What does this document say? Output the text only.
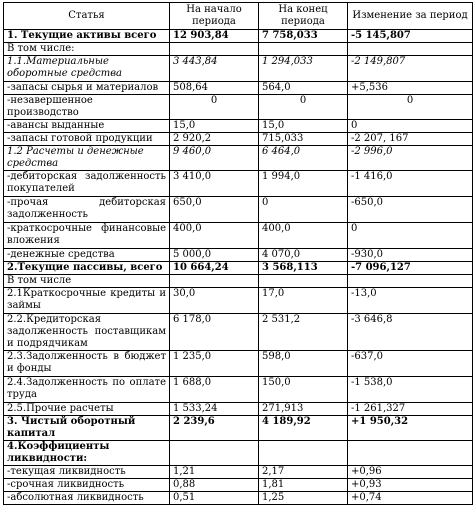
Статья	На начало периода	На конец периода	Изменение за период
1. Текущие активы всего	12 903,84	7 758,033	-5 145,807
В том числе:			
1.1.Материальные оборотные средства	3 443,84	1 294,033	-2 149,807
-запасы сырья и материалов	508,64	564,0	+5,536
-незавершенное производство	0	0	0
-авансы выданные	15,0	15,0	0
-запасы готовой продукции	2 920,2	715,033	-2 207, 167
1.2 Расчеты и денежные средства	9 460,0	6 464,0	-2 996,0
-дебиторская задолженность покупателей	3 410,0	1 994,0	-1 416,0
-прочая дебиторская задолженность	650,0	0	-650,0
-краткосрочные финансовые вложения	400,0	400,0	0
-денежные средства	5 000,0	4 070,0	-930,0
2.Текущие пассивы, всего	10 664,24	3 568,113	-7 096,127
В том числе			
2.1Краткосрочные кредиты и займы	30,0	17,0	-13,0
2.2.Кредиторская задолженность поставщикам и подрядчикам	6 178,0	2 531,2	-3 646,8
2.3.Задолженность в бюджет и фонды	1 235,0	598,0	-637,0
2.4.Задолженность по оплате труда	1 688,0	150,0	-1 538,0
2.5.Прочие расчеты	1 533,24	271,913	-1 261,327
3. Чистый оборотный капитал	2 239,6	4 189,92	+1 950,32
4.Коэффициенты ликвидности:			
-текущая ликвидность	1,21	2,17	+0,96
-срочная ликвидность	0,88	1,81	+0,93
-абсолютная ликвидность	0,51	1,25	+0,74
